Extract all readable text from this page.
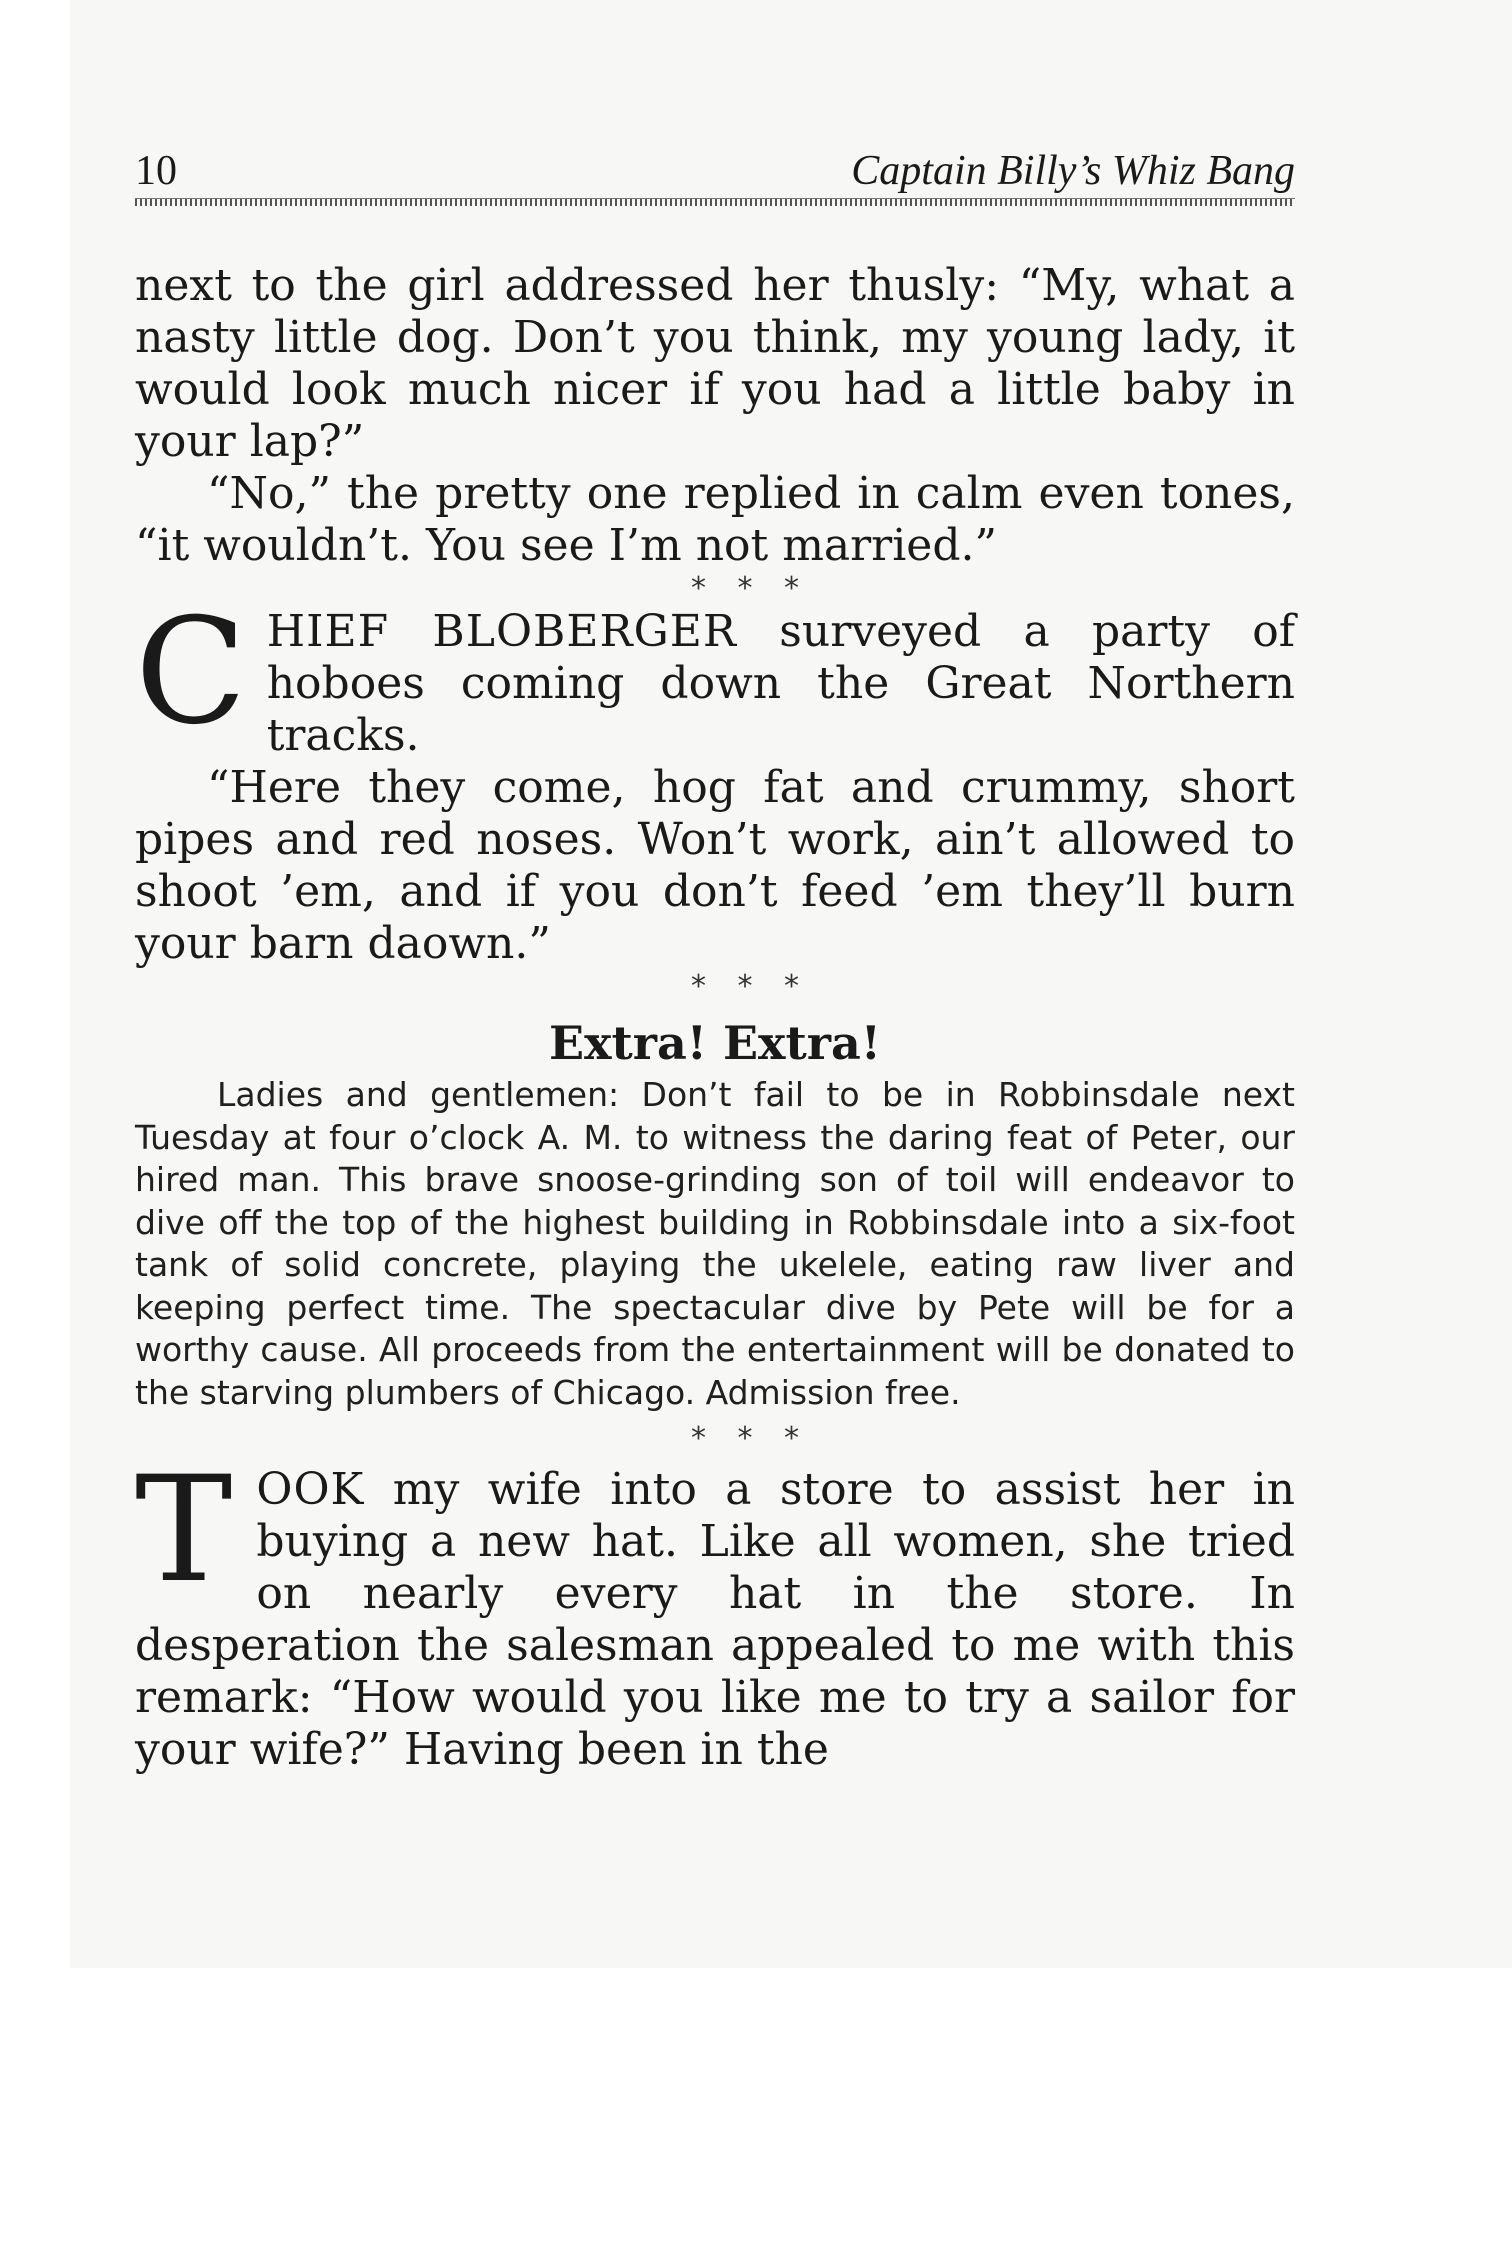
10	Captain Billy’s Whiz Bang

next to the girl addressed her thusly: “My, what a nasty little dog. Don’t you think, my young lady, it would look much nicer if you had a little baby in your lap?”

“No,” the pretty one replied in calm even tones, “it wouldn’t. You see I’m not married.”

* * *
C HIEF BLOBERGER surveyed a party of hoboes coming down the Great Northern tracks.

“Here they come, hog fat and crummy, short pipes and red noses. Won’t work, ain’t allowed to shoot ’em, and if you don’t feed ’em they’ll burn your barn daown.”

* * *
Extra! Extra!

Ladies and gentlemen: Don’t fail to be in Robbinsdale next Tuesday at four o’clock A. M. to witness the daring feat of Peter, our hired man. This brave snoose-grinding son of toil will endeavor to dive off the top of the highest building in Robbinsdale into a six-foot tank of solid concrete, playing the ukelele, eating raw liver and keeping perfect time. The spectacular dive by Pete will be for a worthy cause. All proceeds from the entertainment will be donated to the starving plumbers of Chicago. Admission free.

* * *
T OOK my wife into a store to assist her in buying a new hat. Like all women, she tried on nearly every hat in the store. In desperation the salesman appealed to me with this remark: “How would you like me to try a sailor for your wife?” Having been in the
